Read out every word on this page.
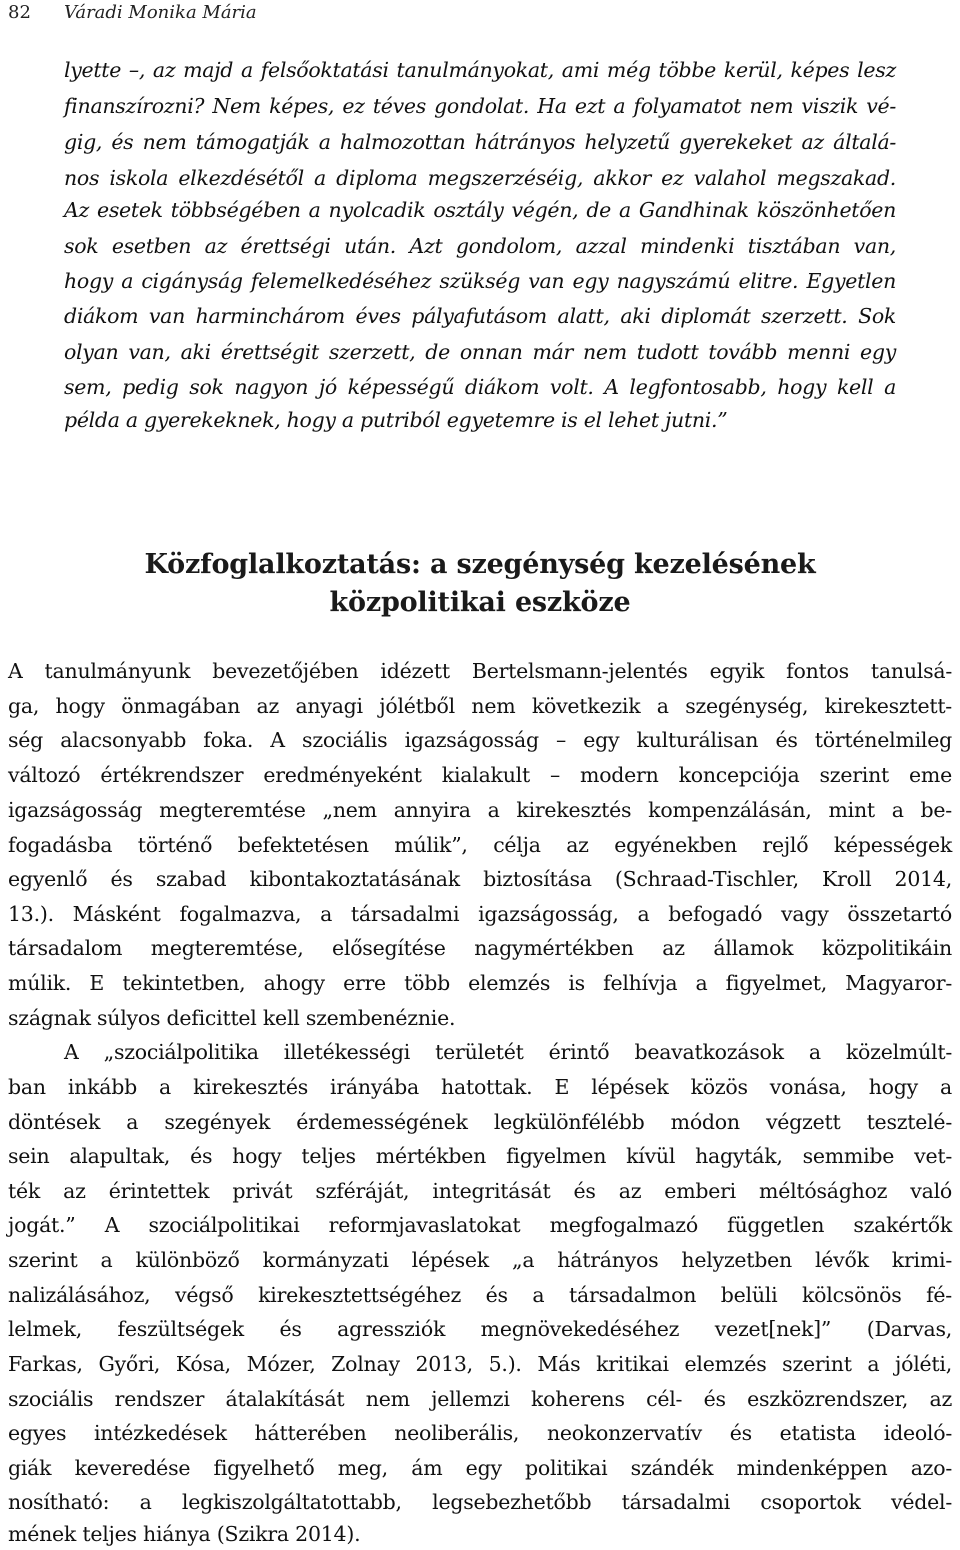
82 Váradi Monika Mária
lyette –, az majd a felsőoktatási tanulmányokat, ami még többe kerül, képes lesz
finanszírozni? Nem képes, ez téves gondolat. Ha ezt a folyamatot nem viszik vé-
gig, és nem támogatják a halmozottan hátrányos helyzetű gyerekeket az általá-
nos iskola elkezdésétől a diploma megszerzéséig, akkor ez valahol megszakad.
Az esetek többségében a nyolcadik osztály végén, de a Gandhinak köszönhetően
sok esetben az érettségi után. Azt gondolom, azzal mindenki tisztában van,
hogy a cigányság felemelkedéséhez szükség van egy nagyszámú elitre. Egyetlen
diákom van harminchárom éves pályafutásom alatt, aki diplomát szerzett. Sok
olyan van, aki érettségit szerzett, de onnan már nem tudott tovább menni egy
sem, pedig sok nagyon jó képességű diákom volt. A legfontosabb, hogy kell a
példa a gyerekeknek, hogy a putriból egyetemre is el lehet jutni.”
Közfoglalkoztatás: a szegénység kezelésének
közpolitikai eszköze
A tanulmányunk bevezetőjében idézett Bertelsmann-jelentés egyik fontos tanulsá-
ga, hogy önmagában az anyagi jólétből nem következik a szegénység, kirekesztett-
ség alacsonyabb foka. A szociális igazságosság – egy kulturálisan és történelmileg
változó értékrendszer eredményeként kialakult – modern koncepciója szerint eme
igazságosság megteremtése „nem annyira a kirekesztés kompenzálásán, mint a be-
fogadásba történő befektetésen múlik”, célja az egyénekben rejlő képességek
egyenlő és szabad kibontakoztatásának biztosítása (Schraad-Tischler, Kroll 2014,
13.). Másként fogalmazva, a társadalmi igazságosság, a befogadó vagy összetartó
társadalom megteremtése, elősegítése nagymértékben az államok közpolitikáin
múlik. E tekintetben, ahogy erre több elemzés is felhívja a figyelmet, Magyaror-
szágnak súlyos deficittel kell szembenéznie.
A „szociálpolitika illetékességi területét érintő beavatkozások a közelmúlt-
ban inkább a kirekesztés irányába hatottak. E lépések közös vonása, hogy a
döntések a szegények érdemességének legkülönfélébb módon végzett tesztelé-
sein alapultak, és hogy teljes mértékben figyelmen kívül hagyták, semmibe vet-
ték az érintettek privát szféráját, integritását és az emberi méltósághoz való
jogát.” A szociálpolitikai reformjavaslatokat megfogalmazó független szakértők
szerint a különböző kormányzati lépések „a hátrányos helyzetben lévők krimi-
nalizálásához, végső kirekesztettségéhez és a társadalmon belüli kölcsönös fé-
lelmek, feszültségek és agressziók megnövekedéséhez vezet[nek]” (Darvas,
Farkas, Győri, Kósa, Mózer, Zolnay 2013, 5.). Más kritikai elemzés szerint a jóléti,
szociális rendszer átalakítását nem jellemzi koherens cél- és eszközrendszer, az
egyes intézkedések hátterében neoliberális, neokonzervatív és etatista ideoló-
giák keveredése figyelhető meg, ám egy politikai szándék mindenképpen azo-
nosítható: a legkiszolgáltatottabb, legsebezhetőbb társadalmi csoportok védel-
mének teljes hiánya (Szikra 2014).
